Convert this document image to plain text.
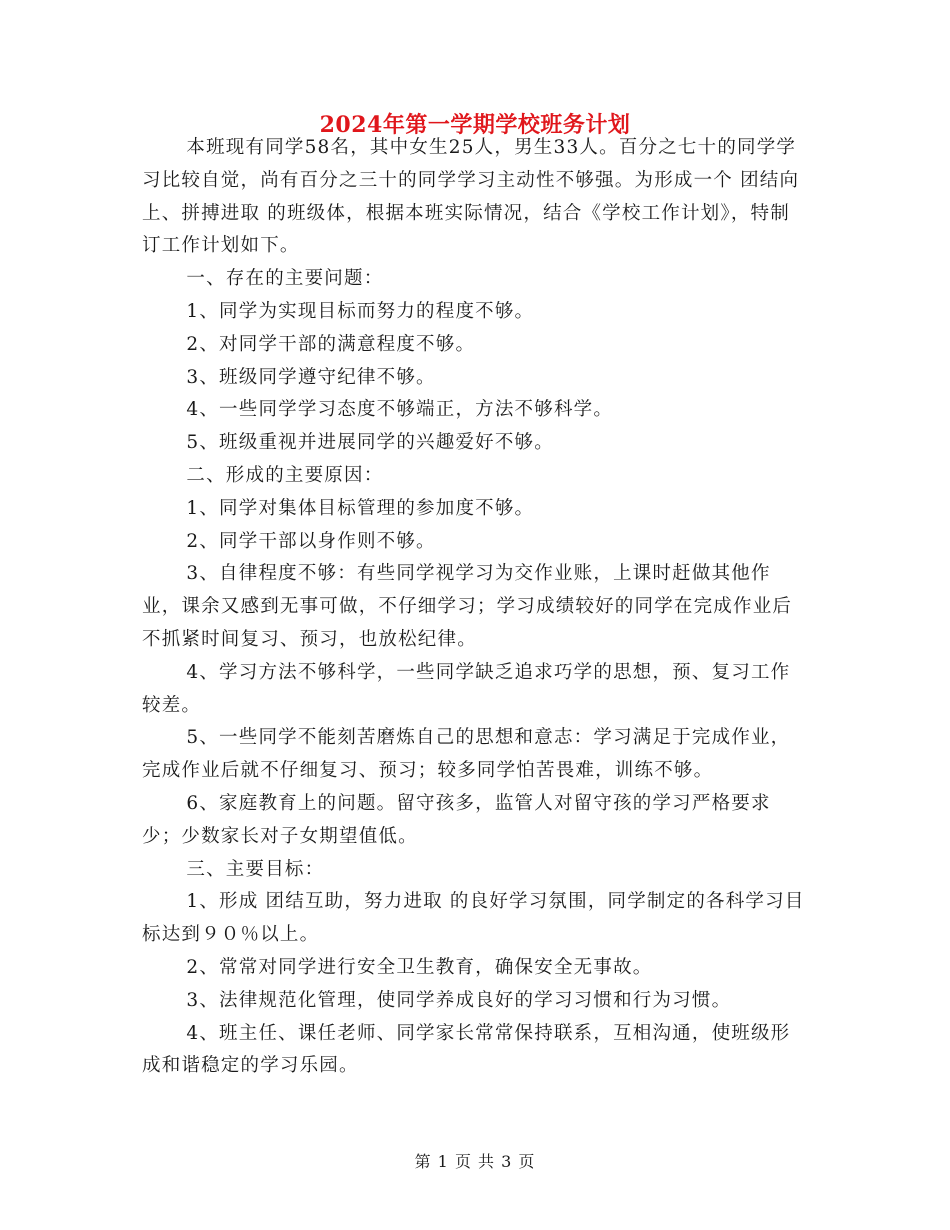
2024年第一学期学校班务计划

本班现有同学58名，其中女生25人，男生33人。百分之七十的同学学习比较自觉，尚有百分之三十的同学学习主动性不够强。为形成一个 团结向上、拼搏进取 的班级体，根据本班实际情况，结合《学校工作计划》，特制订工作计划如下。

一、存在的主要问题：

1、同学为实现目标而努力的程度不够。

2、对同学干部的满意程度不够。

3、班级同学遵守纪律不够。

4、一些同学学习态度不够端正，方法不够科学。

5、班级重视并进展同学的兴趣爱好不够。

二、形成的主要原因：

1、同学对集体目标管理的参加度不够。

2、同学干部以身作则不够。

3、自律程度不够：有些同学视学习为交作业账，上课时赶做其他作业，课余又感到无事可做，不仔细学习；学习成绩较好的同学在完成作业后不抓紧时间复习、预习，也放松纪律。

4、学习方法不够科学，一些同学缺乏追求巧学的思想，预、复习工作较差。

5、一些同学不能刻苦磨炼自己的思想和意志：学习满足于完成作业，完成作业后就不仔细复习、预习；较多同学怕苦畏难，训练不够。

6、家庭教育上的问题。留守孩多，监管人对留守孩的学习严格要求少；少数家长对子女期望值低。

三、主要目标：

1、形成 团结互助，努力进取 的良好学习氛围，同学制定的各科学习目标达到９０％以上。

2、常常对同学进行安全卫生教育，确保安全无事故。

3、法律规范化管理，使同学养成良好的学习习惯和行为习惯。

4、班主任、课任老师、同学家长常常保持联系，互相沟通，使班级形成和谐稳定的学习乐园。

第 1 页 共 3 页
